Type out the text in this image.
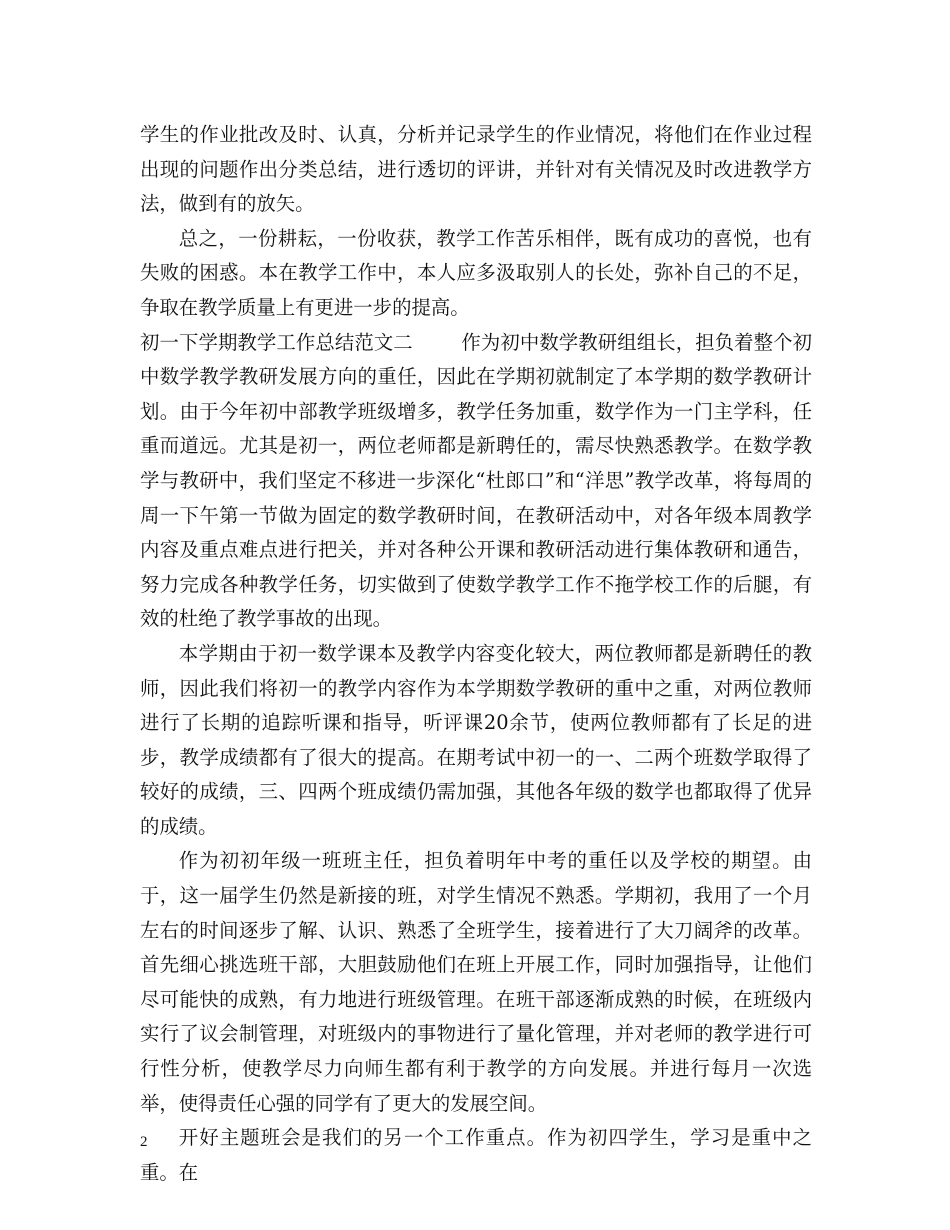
学生的作业批改及时、认真，分析并记录学生的作业情况，将他们在作业过程出现的问题作出分类总结，进行透切的评讲，并针对有关情况及时改进教学方法，做到有的放矢。

总之，一份耕耘，一份收获，教学工作苦乐相伴，既有成功的喜悦，也有失败的困惑。本在教学工作中，本人应多汲取别人的长处，弥补自己的不足，争取在教学质量上有更进一步的提高。

初一下学期教学工作总结范文二    作为初中数学教研组组长，担负着整个初中数学教学教研发展方向的重任，因此在学期初就制定了本学期的数学教研计划。由于今年初中部教学班级增多，教学任务加重，数学作为一门主学科，任重而道远。尤其是初一，两位老师都是新聘任的，需尽快熟悉教学。在数学教学与教研中，我们坚定不移进一步深化“杜郎口”和“洋思”教学改革，将每周的周一下午第一节做为固定的数学教研时间，在教研活动中，对各年级本周教学内容及重点难点进行把关，并对各种公开课和教研活动进行集体教研和通告，努力完成各种教学任务，切实做到了使数学教学工作不拖学校工作的后腿，有效的杜绝了教学事故的出现。

本学期由于初一数学课本及教学内容变化较大，两位教师都是新聘任的教师，因此我们将初一的教学内容作为本学期数学教研的重中之重，对两位教师进行了长期的追踪听课和指导，听评课20余节，使两位教师都有了长足的进步，教学成绩都有了很大的提高。在期考试中初一的一、二两个班数学取得了较好的成绩，三、四两个班成绩仍需加强，其他各年级的数学也都取得了优异的成绩。

作为初初年级一班班主任，担负着明年中考的重任以及学校的期望。由于，这一届学生仍然是新接的班，对学生情况不熟悉。学期初，我用了一个月左右的时间逐步了解、认识、熟悉了全班学生，接着进行了大刀阔斧的改革。首先细心挑选班干部，大胆鼓励他们在班上开展工作，同时加强指导，让他们尽可能快的成熟，有力地进行班级管理。在班干部逐渐成熟的时候，在班级内实行了议会制管理，对班级内的事物进行了量化管理，并对老师的教学进行可行性分析，使教学尽力向师生都有利于教学的方向发展。并进行每月一次选举，使得责任心强的同学有了更大的发展空间。

开好主题班会是我们的另一个工作重点。作为初四学生，学习是重中之重。在

2
